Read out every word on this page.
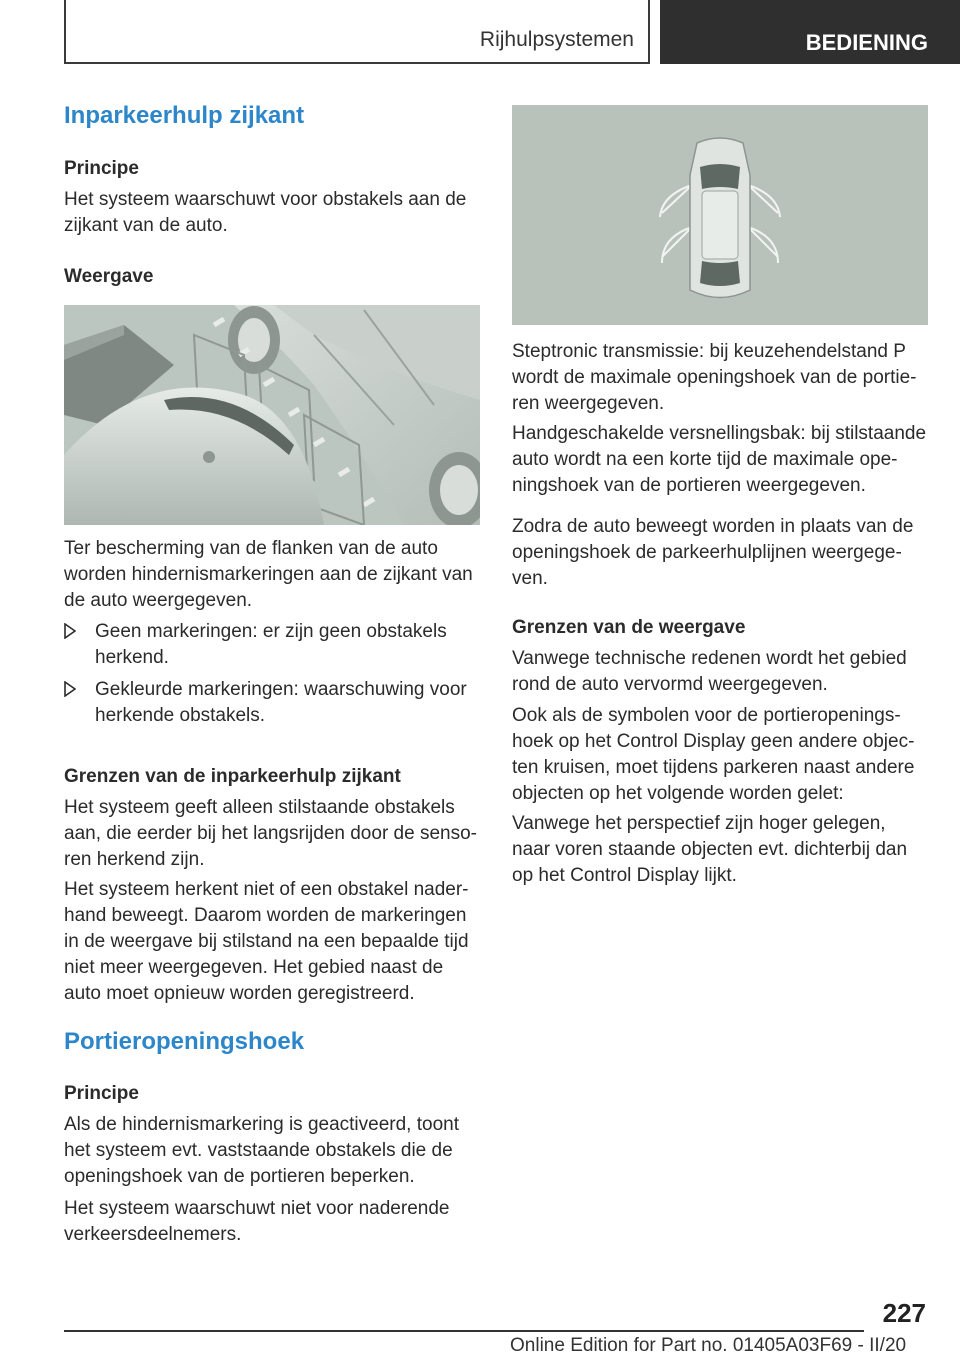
Rijhulpsystemen	BEDIENING
Inparkeerhulp zijkant
Principe
Het systeem waarschuwt voor obstakels aan de
zijkant van de auto.
Weergave
Ter bescherming van de flanken van de auto
worden hindernismarkeringen aan de zijkant van
de auto weergegeven.
Geen markeringen: er zijn geen obstakels
herkend.
Gekleurde markeringen: waarschuwing voor
herkende obstakels.
Grenzen van de inparkeerhulp zijkant
Het systeem geeft alleen stilstaande obstakels
aan, die eerder bij het langsrijden door de senso-
ren herkend zijn.
Het systeem herkent niet of een obstakel nader-
hand beweegt. Daarom worden de markeringen
in de weergave bij stilstand na een bepaalde tijd
niet meer weergegeven. Het gebied naast de
auto moet opnieuw worden geregistreerd.
Portieropeningshoek
Principe
Als de hindernismarkering is geactiveerd, toont
het systeem evt. vaststaande obstakels die de
openingshoek van de portieren beperken.
Het systeem waarschuwt niet voor naderende
verkeersdeelnemers.
Steptronic transmissie: bij keuzehendelstand P
wordt de maximale openingshoek van de portie-
ren weergegeven.
Handgeschakelde versnellingsbak: bij stilstaande
auto wordt na een korte tijd de maximale ope-
ningshoek van de portieren weergegeven.
Zodra de auto beweegt worden in plaats van de
openingshoek de parkeerhulplijnen weergege-
ven.
Grenzen van de weergave
Vanwege technische redenen wordt het gebied
rond de auto vervormd weergegeven.
Ook als de symbolen voor de portieropenings-
hoek op het Control Display geen andere objec-
ten kruisen, moet tijdens parkeren naast andere
objecten op het volgende worden gelet:
Vanwege het perspectief zijn hoger gelegen,
naar voren staande objecten evt. dichterbij dan
op het Control Display lijkt.
227
Online Edition for Part no. 01405A03F69 - II/20
